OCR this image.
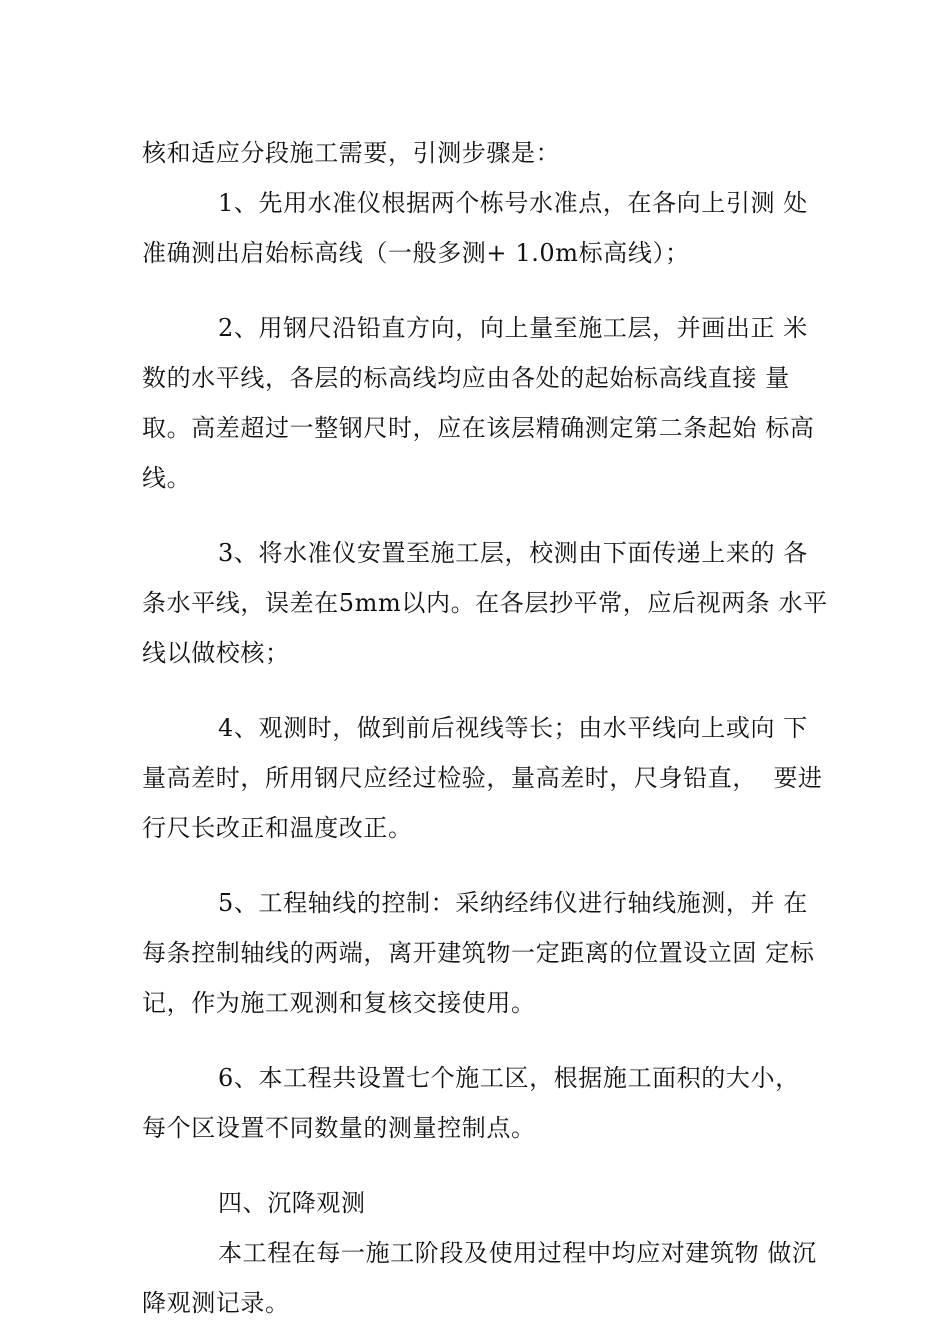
核和适应分段施工需要，引测步骤是：
1、先用水准仪根据两个栋号水准点，在各向上引测 处
准确测出启始标高线（一般多测+ 1.0m标高线）；
2、用钢尺沿铅直方向，向上量至施工层，并画出正 米
数的水平线，各层的标高线均应由各处的起始标高线直接 量
取。高差超过一整钢尺时，应在该层精确测定第二条起始 标高
线。
3、将水准仪安置至施工层，校测由下面传递上来的 各
条水平线，误差在5mm以内。在各层抄平常，应后视两条 水平
线以做校核；
4、观测时，做到前后视线等长；由水平线向上或向 下
量高差时，所用钢尺应经过检验，量高差时，尺身铅直，  要进
行尺长改正和温度改正。
5、工程轴线的控制：采纳经纬仪进行轴线施测，并 在
每条控制轴线的两端，离开建筑物一定距离的位置设立固 定标
记，作为施工观测和复核交接使用。
6、本工程共设置七个施工区，根据施工面积的大小，
每个区设置不同数量的测量控制点。
四、沉降观测
本工程在每一施工阶段及使用过程中均应对建筑物 做沉
降观测记录。
